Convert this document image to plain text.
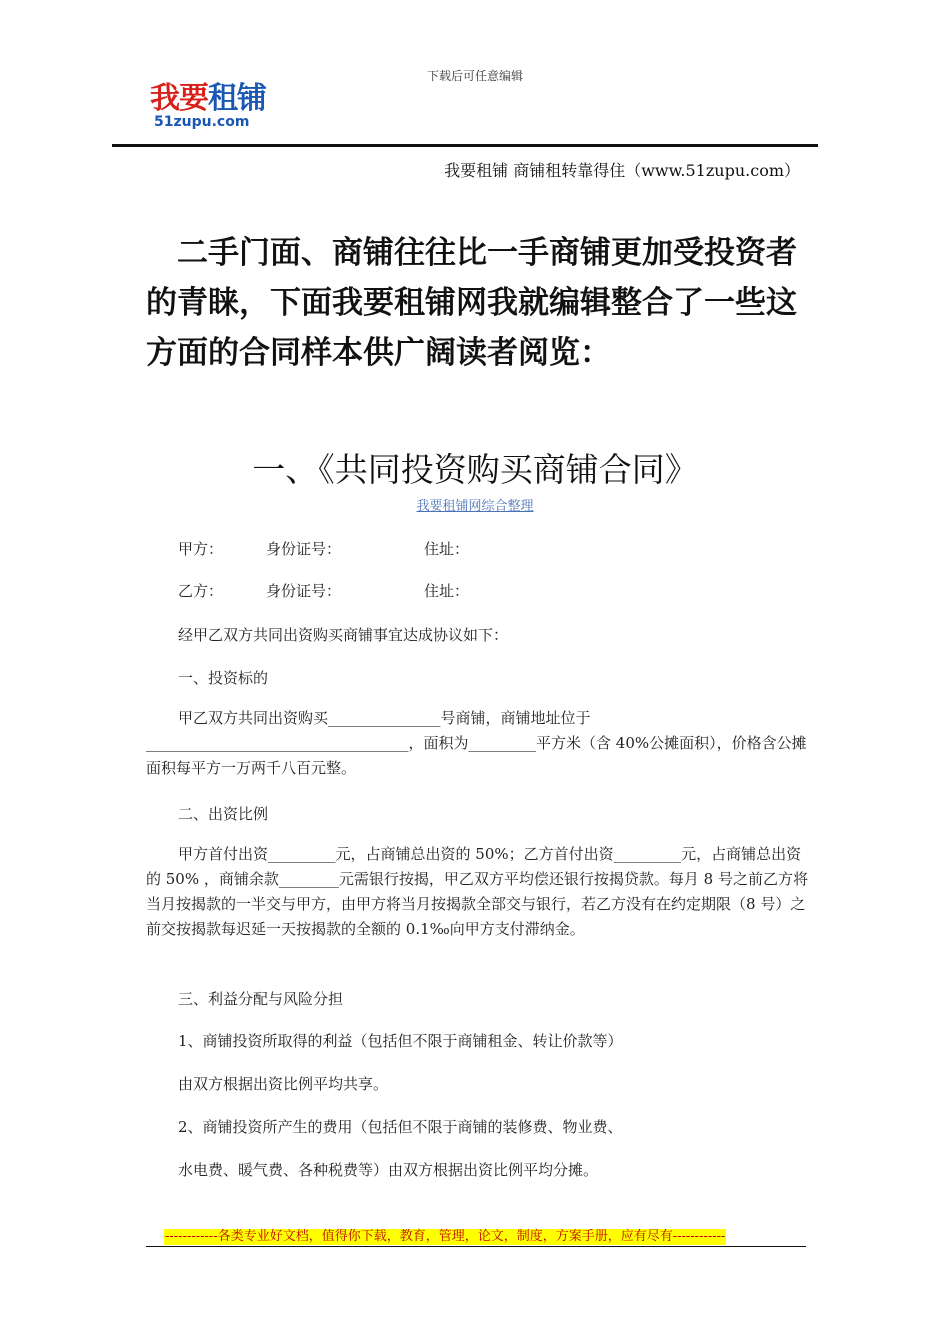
下载后可任意编辑
我要租铺
51zupu.com
我要租铺 商铺租转靠得住（www.51zupu.com）
二手门面、商铺往往比一手商铺更加受投资者的青睐，下面我要租铺网我就编辑整合了一些这方面的合同样本供广阔读者阅览：
一、《共同投资购买商铺合同》
我要租铺网综合整理
甲方：	身份证号：	住址：
乙方：	身份证号：	住址：
经甲乙双方共同出资购买商铺事宜达成协议如下：
一、投资标的
甲乙双方共同出资购买_______________号商铺，商铺地址位于___________________________________，面积为_________平方米（含 40%公摊面积），价格含公摊面积每平方一万两千八百元整。
二、出资比例
甲方首付出资_________元，占商铺总出资的 50%；乙方首付出资_________元，占商铺总出资的 50% ，商铺余款________元需银行按揭，甲乙双方平均偿还银行按揭贷款。每月 8 号之前乙方将当月按揭款的一半交与甲方，由甲方将当月按揭款全部交与银行，若乙方没有在约定期限（8 号）之前交按揭款每迟延一天按揭款的全额的 0.1‰向甲方支付滞纳金。
三、利益分配与风险分担
1、商铺投资所取得的利益（包括但不限于商铺租金、转让价款等）
由双方根据出资比例平均共享。
2、商铺投资所产生的费用（包括但不限于商铺的装修费、物业费、
水电费、暖气费、各种税费等）由双方根据出资比例平均分摊。
------------各类专业好文档，值得你下载，教育，管理，论文，制度，方案手册，应有尽有------------
